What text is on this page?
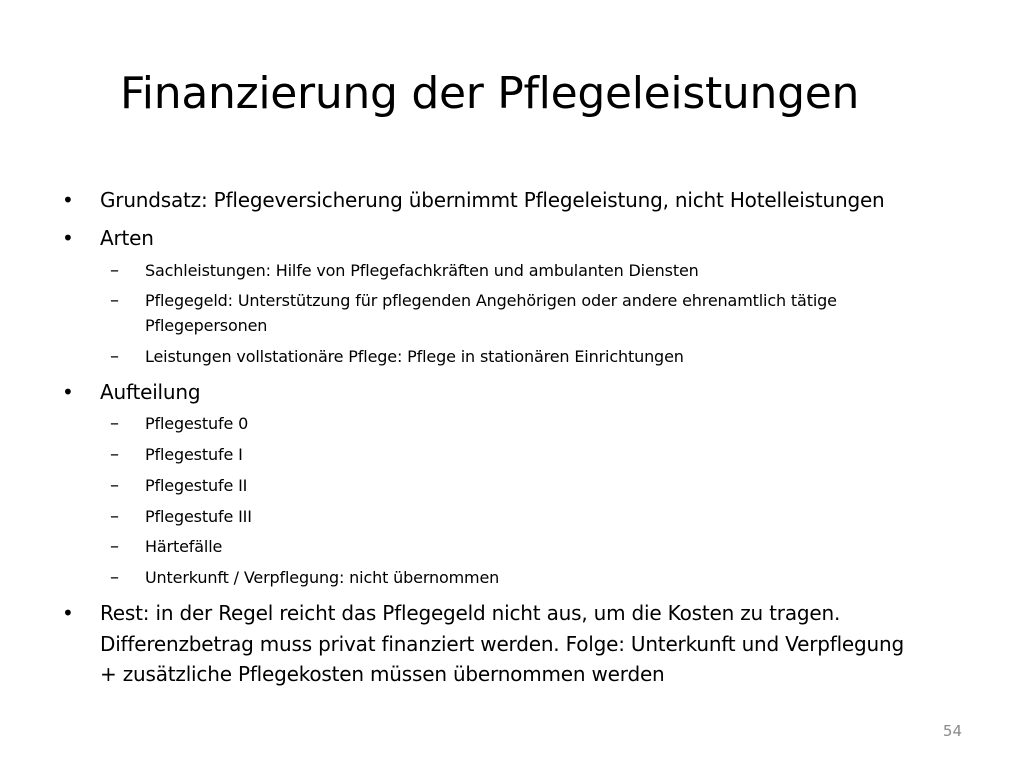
Finanzierung der Pflegeleistungen
• Grundsatz: Pflegeversicherung übernimmt Pflegeleistung, nicht Hotelleistungen
• Arten
– Sachleistungen: Hilfe von Pflegefachkräften und ambulanten Diensten
– Pflegegeld: Unterstützung für pflegenden Angehörigen oder andere ehrenamtlich tätige
Pflegepersonen
– Leistungen vollstationäre Pflege: Pflege in stationären Einrichtungen
• Aufteilung
– Pflegestufe 0
– Pflegestufe I
– Pflegestufe II
– Pflegestufe III
– Härtefälle
– Unterkunft / Verpflegung: nicht übernommen
• Rest: in der Regel reicht das Pflegegeld nicht aus, um die Kosten zu tragen.
Differenzbetrag muss privat finanziert werden. Folge: Unterkunft und Verpflegung
+ zusätzliche Pflegekosten müssen übernommen werden
54
